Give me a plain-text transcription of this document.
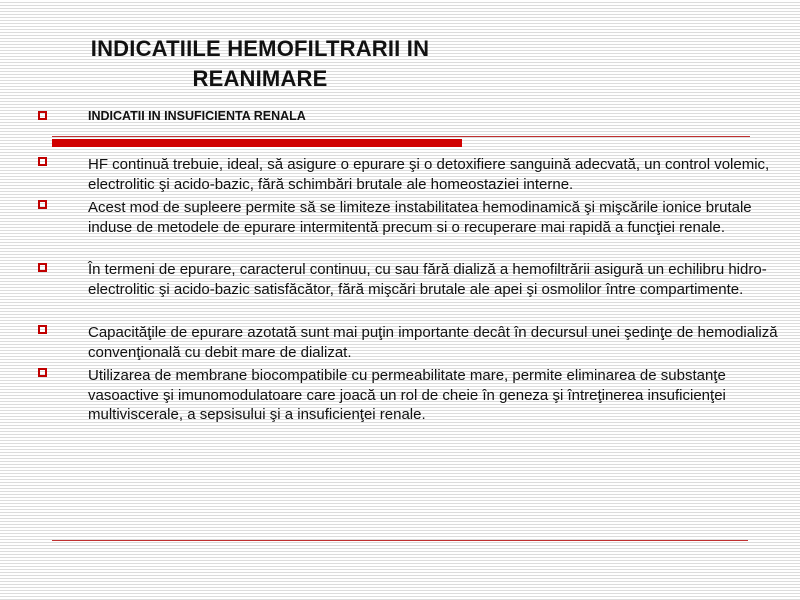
INDICATIILE HEMOFILTRARII IN
REANIMARE

INDICATII IN INSUFICIENTA RENALA

HF continuă trebuie, ideal, să asigure o epurare şi o detoxifiere sanguină adecvată, un control volemic, electrolitic şi acido-bazic, fără schimbări brutale ale homeostaziei interne.

Acest mod de supleere permite să se limiteze instabilitatea hemodinamică şi mişcările ionice brutale induse de metodele de epurare intermitentă precum si o recuperare mai rapidă a funcţiei renale.

În termeni de epurare, caracterul continuu, cu sau fără dializă a hemofiltrării asigură un echilibru hidro-electrolitic şi acido-bazic satisfăcător, fără mişcări brutale ale apei şi osmolilor între compartimente.

Capacităţile de epurare azotată sunt mai puţin importante decât în decursul unei şedinţe de hemodializă convenţională cu debit mare de dializat.

Utilizarea de membrane biocompatibile cu permeabilitate mare, permite eliminarea de substanţe vasoactive şi imunomodulatoare care joacă un rol de cheie în geneza şi întreţinerea insuficienţei multiviscerale, a sepsisului şi a insuficienţei renale.
